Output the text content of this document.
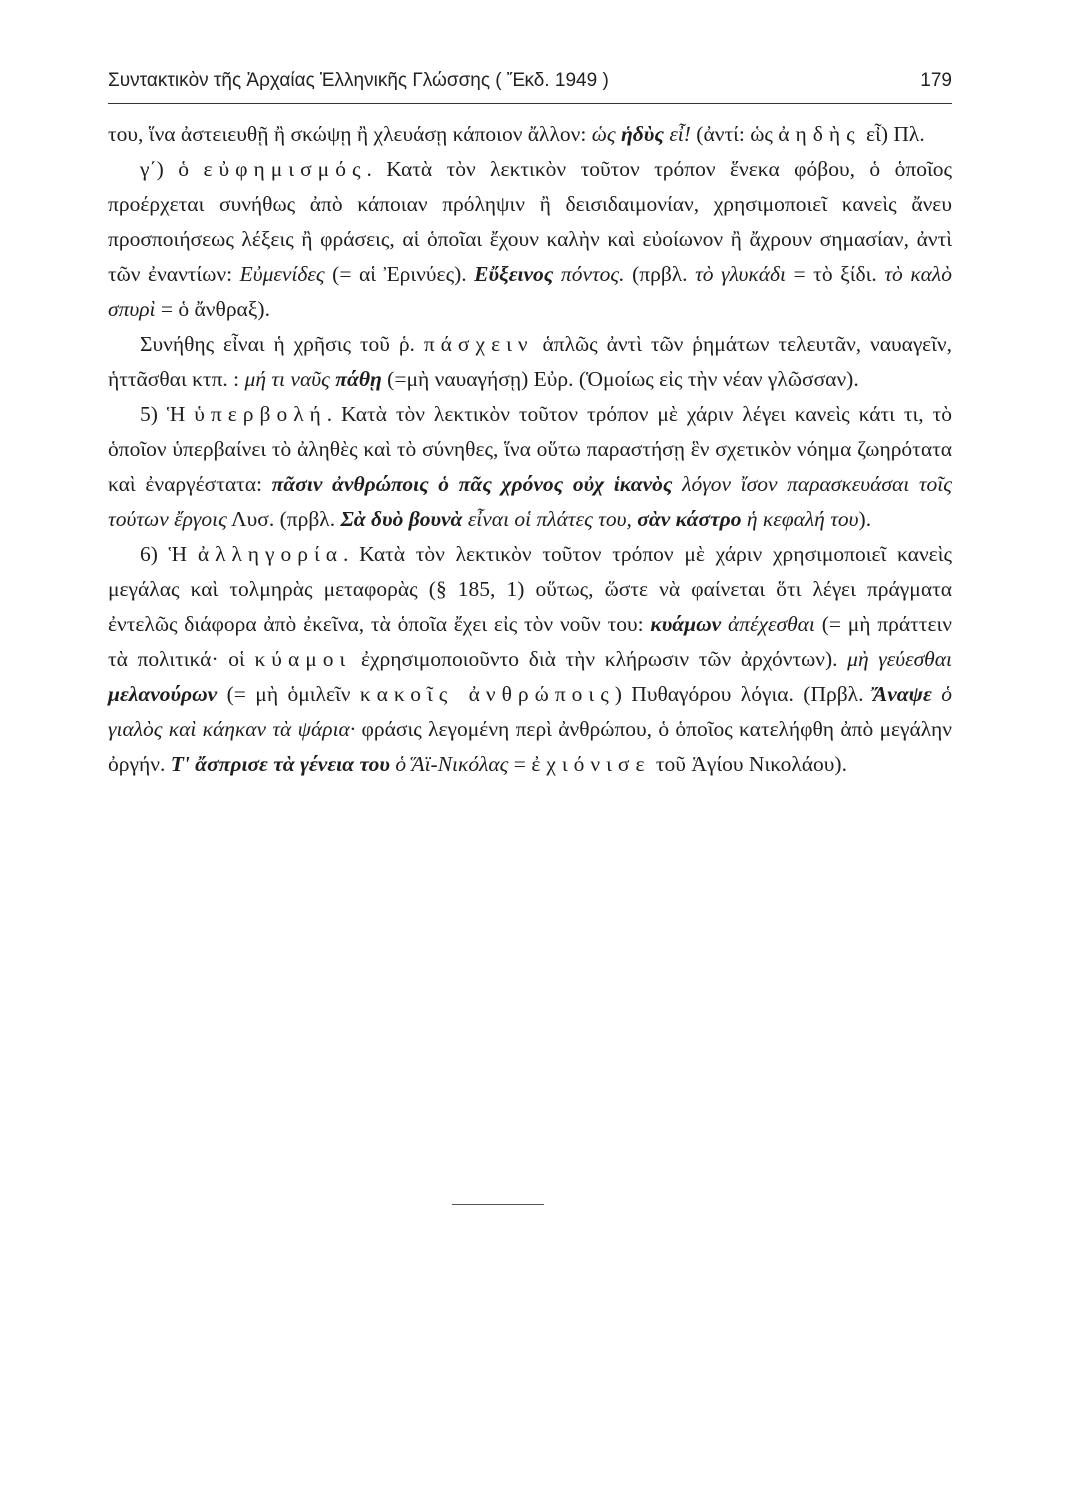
Συντακτικὸν τῆς Ἀρχαίας Ἑλληνικῆς Γλώσσης ( Ἔκδ. 1949 )	179

του, ἵνα ἀστειευθῇ ἢ σκώψῃ ἢ χλευάσῃ κάποιον ἄλλον: ὡς ἡδὺς εἶ! (ἀντί: ὡς ἀηδὴς εἶ) Πλ.

γ΄) ὁ εὐφημισμός. Κατὰ τὸν λεκτικὸν τοῦτον τρόπον ἕνεκα φόβου, ὁ ὁποῖος προέρχεται συνήθως ἀπὸ κάποιαν πρόληψιν ἢ δεισιδαιμονίαν, χρησιμοποιεῖ κανεὶς ἄνευ προσποιήσεως λέξεις ἢ φράσεις, αἱ ὁποῖαι ἔχουν καλὴν καὶ εὐοίωνον ἢ ἄχρουν σημασίαν, ἀντὶ τῶν ἐναντίων: Εὐμενίδες (= αἱ Ἐρινύες). Εὔξεινος πόντος. (πρβλ. τὸ γλυκάδι = τὸ ξίδι. τὸ καλὸ σπυρὶ = ὁ ἄνθραξ).

Συνήθης εἶναι ἡ χρῆσις τοῦ ῥ. πάσχειν ἁπλῶς ἀντὶ τῶν ῥημάτων τελευτᾶν, ναυαγεῖν, ἡττᾶσθαι κτπ. : μή τι ναῦς πάθῃ (=μὴ ναυαγήσῃ) Εὐρ. (Ὁμοίως εἰς τὴν νέαν γλῶσσαν).

5) Ἡ ὑπερβολή. Κατὰ τὸν λεκτικὸν τοῦτον τρόπον μὲ χάριν λέγει κανεὶς κάτι τι, τὸ ὁποῖον ὑπερβαίνει τὸ ἀληθὲς καὶ τὸ σύνηθες, ἵνα οὕτω παραστήσῃ ἓν σχετικὸν νόημα ζωηρότατα καὶ ἐναργέστατα: πᾶσιν ἀνθρώποις ὁ πᾶς χρόνος οὐχ ἱκανὸς λόγον ἴσον παρασκευάσαι τοῖς τούτων ἔργοις Λυσ. (πρβλ. Σὰ δυὸ βουνὰ εἶναι οἱ πλάτες του, σὰν κάστρο ἡ κεφαλή του).

6) Ἡ ἀλληγορία. Κατὰ τὸν λεκτικὸν τοῦτον τρόπον μὲ χάριν χρησιμοποιεῖ κανεὶς μεγάλας καὶ τολμηρὰς μεταφορὰς (§ 185, 1) οὕτως, ὥστε νὰ φαίνεται ὅτι λέγει πράγματα ἐντελῶς διάφορα ἀπὸ ἐκεῖνα, τὰ ὁποῖα ἔχει εἰς τὸν νοῦν του: κυάμων ἀπέχεσθαι (= μὴ πράττειν τὰ πολιτικά· οἱ κύαμοι ἐχρησιμοποιοῦντο διὰ τὴν κλήρωσιν τῶν ἀρχόντων). μὴ γεύεσθαι μελανούρων (= μὴ ὁμιλεῖν κακοῖς ἀνθρώποις) Πυθαγόρου λόγια. (Πρβλ. Ἄναψε ὁ γιαλὸς καὶ κάηκαν τὰ ψάρια· φράσις λεγομένη περὶ ἀνθρώπου, ὁ ὁποῖος κατελήφθη ἀπὸ μεγάλην ὀργήν. Τ' ἄσπρισε τὰ γένεια του ὁ Ἅϊ-Νικόλας = ἐχιόνισε τοῦ Ἁγίου Νικολάου).
